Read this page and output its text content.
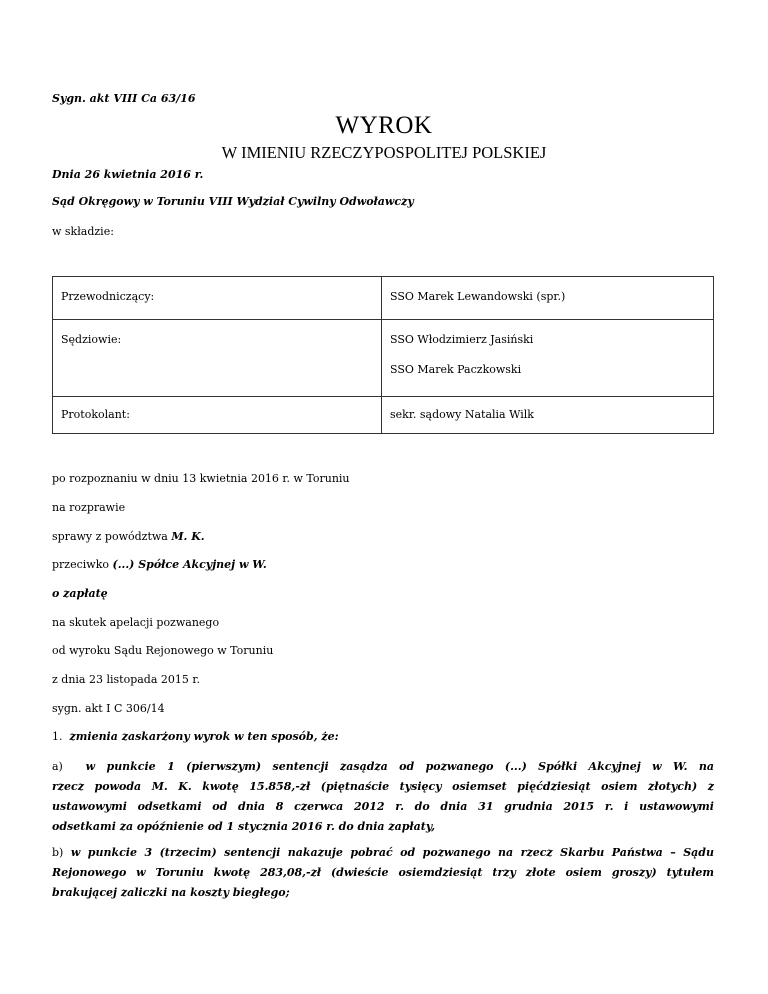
Sygn. akt VIII Ca 63/16
WYROK
W IMIENIU RZECZYPOSPOLITEJ POLSKIEJ
Dnia 26 kwietnia 2016 r.
Sąd Okręgowy w Toruniu VIII Wydział Cywilny Odwoławczy
w składzie:
Przewodniczący:	SSO Marek Lewandowski (spr.)

Sędziowie:	SSO Włodzimierz Jasiński
SSO Marek Paczkowski

Protokolant:	sekr. sądowy Natalia Wilk
po rozpoznaniu w dniu 13 kwietnia 2016 r. w Toruniu
na rozprawie
sprawy z powództwa M. K.
przeciwko (...) Spółce Akcyjnej w W.
o zapłatę
na skutek apelacji pozwanego
od wyroku Sądu Rejonowego w Toruniu
z dnia 23 listopada 2015 r.
sygn. akt I C 306/14
1. zmienia zaskarżony wyrok w ten sposób, że:
a) w punkcie 1 (pierwszym) sentencji zasądza od pozwanego (...) Spółki Akcyjnej w W. na
rzecz powoda M. K. kwotę 15.858,-zł (piętnaście tysięcy osiemset pięćdziesiąt osiem złotych) z
ustawowymi odsetkami od dnia 8 czerwca 2012 r. do dnia 31 grudnia 2015 r. i ustawowymi
odsetkami za opóźnienie od 1 stycznia 2016 r. do dnia zapłaty,
b) w punkcie 3 (trzecim) sentencji nakazuje pobrać od pozwanego na rzecz Skarbu Państwa – Sądu
Rejonowego w Toruniu kwotę 283,08,-zł (dwieście osiemdziesiąt trzy złote osiem groszy) tytułem
brakującej zaliczki na koszty biegłego;
